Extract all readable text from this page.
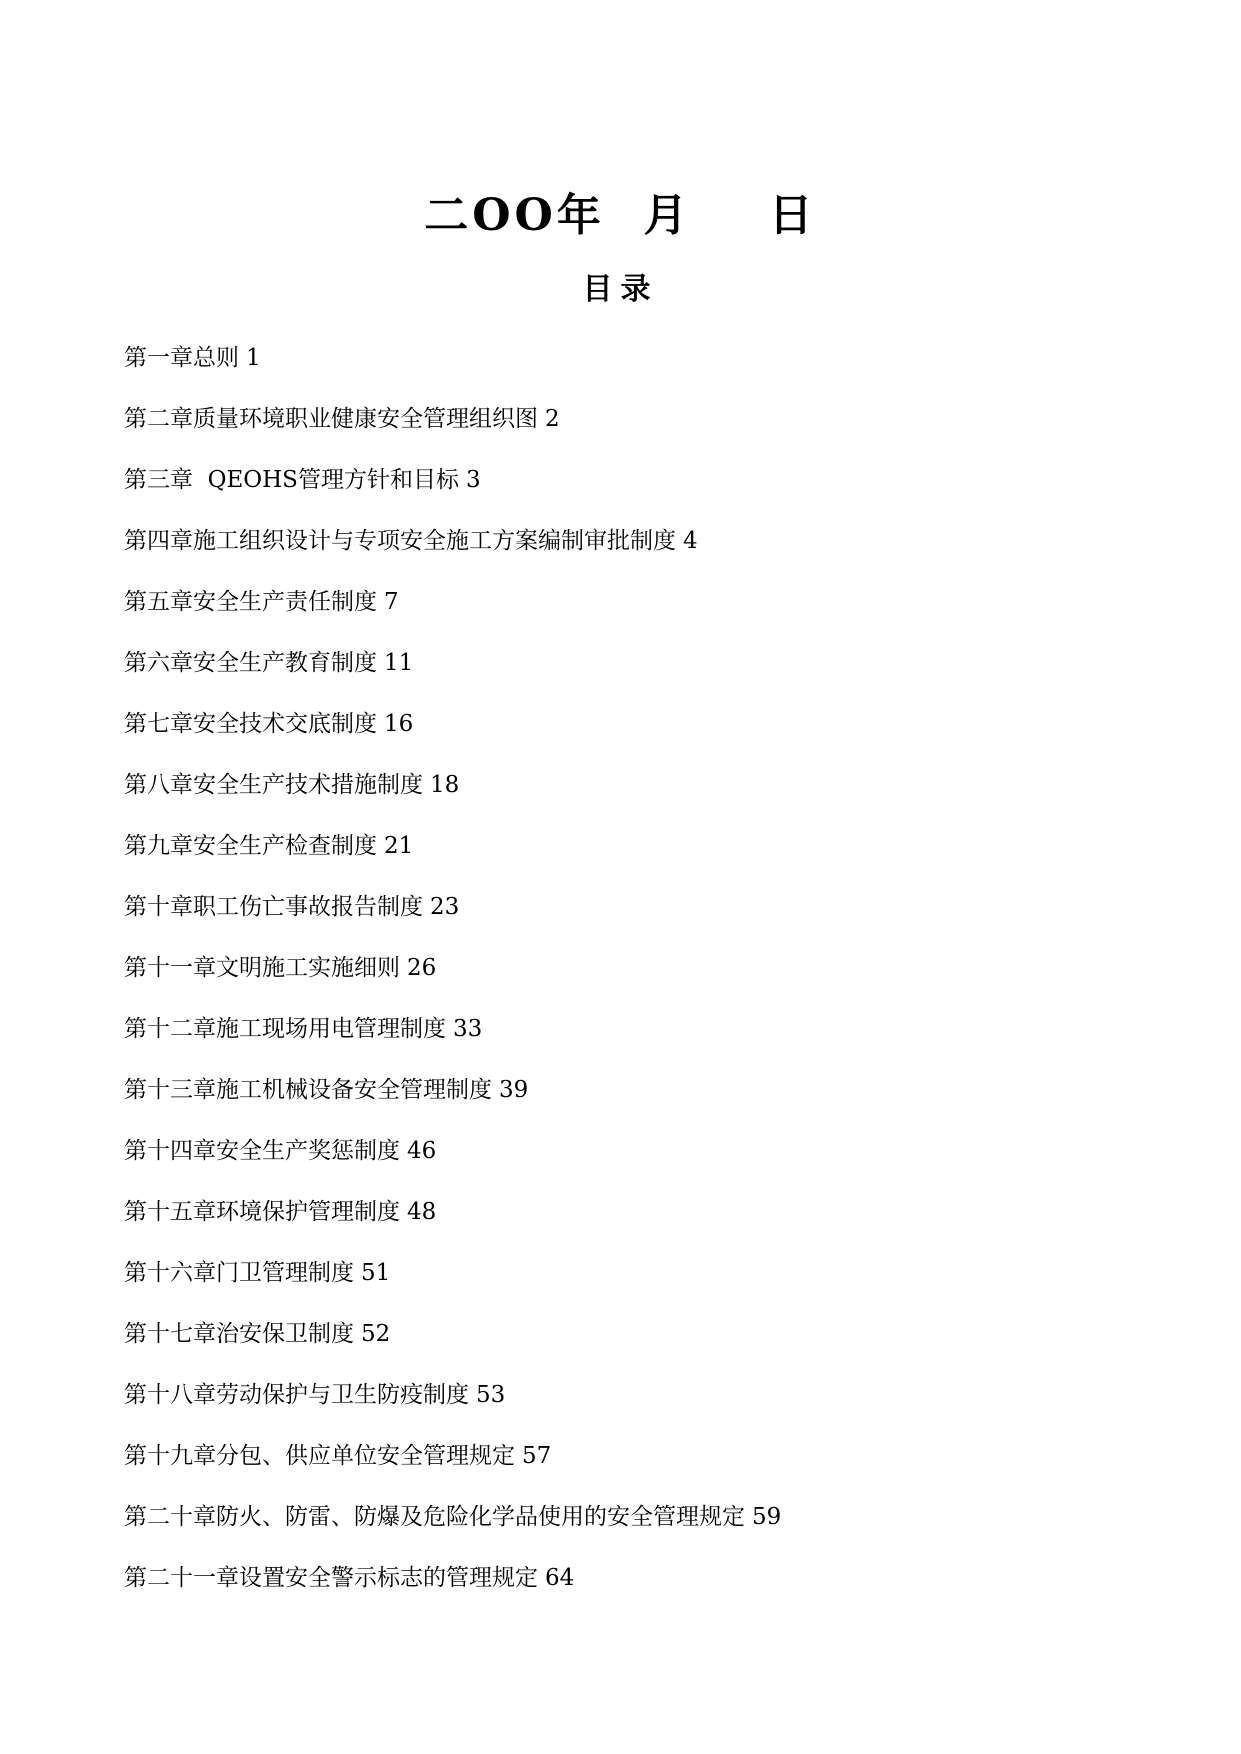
二OO年  月    日
目录
第一章总则 1
第二章质量环境职业健康安全管理组织图 2
第三章  QEOHS管理方针和目标 3
第四章施工组织设计与专项安全施工方案编制审批制度 4
第五章安全生产责任制度 7
第六章安全生产教育制度 11
第七章安全技术交底制度 16
第八章安全生产技术措施制度 18
第九章安全生产检查制度 21
第十章职工伤亡事故报告制度 23
第十一章文明施工实施细则 26
第十二章施工现场用电管理制度 33
第十三章施工机械设备安全管理制度 39
第十四章安全生产奖惩制度 46
第十五章环境保护管理制度 48
第十六章门卫管理制度 51
第十七章治安保卫制度 52
第十八章劳动保护与卫生防疫制度 53
第十九章分包、供应单位安全管理规定 57
第二十章防火、防雷、防爆及危险化学品使用的安全管理规定 59
第二十一章设置安全警示标志的管理规定 64
